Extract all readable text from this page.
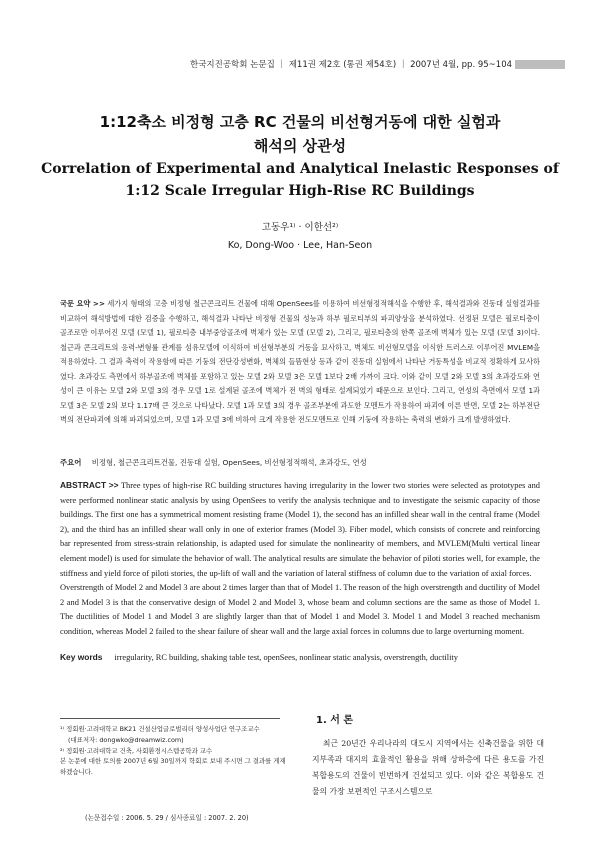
한국지진공학회 논문집 ｜ 제11권 제2호 (통권 제54호) ｜ 2007년 4월, pp. 95~104
1:12축소 비정형 고층 RC 건물의 비선형거동에 대한 실험과
해석의 상관성
Correlation of Experimental and Analytical Inelastic Responses of
1:12 Scale Irregular High-Rise RC Buildings
고동우¹⁾ · 이한선²⁾
Ko, Dong-Woo · Lee, Han-Seon
국문 요약 >> 세가지 형태의 고층 비정형 철근콘크리트 건물에 대해 OpenSees를 이용하여 비선형정적해석을 수행한 후, 해석결과와 진동대 실험결과를 비교하여 해석방법에 대한 검증을 수행하고, 해석결과 나타난 비정형 건물의 성능과 하부 필로티부의 파괴양상을 분석하였다. 선정된 모델은 필로티층이 골조로만 이루어진 모델 (모델 1), 필로티층 내부중앙골조에 벽체가 있는 모델 (모델 2), 그리고, 필로티층의 한쪽 골조에 벽체가 있는 모델 (모델 3)이다. 철근과 콘크리트의 응력-변형률 관계를 섬유모델에 이식하여 비선형부분의 거동을 묘사하고, 벽체도 비선형모델을 이식한 트러스로 이루어진 MVLEM을 적용하였다. 그 결과 축력이 작용함에 따른 기둥의 전단강성변화, 벽체의 들뜸현상 등과 같이 진동대 실험에서 나타난 거동특성을 비교적 정확하게 묘사하였다. 초과강도 측면에서 하부골조에 벽체를 포함하고 있는 모델 2와 모델 3은 모델 1보다 2배 가까이 크다. 이와 같이 모델 2와 모델 3의 초과강도와 연성이 큰 이유는 모델 2와 모델 3의 경우 모델 1로 설계된 골조에 벽체가 전 벽의 형태로 설계되었기 때문으로 보인다. 그리고, 연성의 측면에서 모델 1과 모델 3은 모델 2의 보다 1.17배 큰 것으로 나타났다. 모델 1과 모델 3의 경우 골조부분에 과도한 모멘트가 작용하여 파괴에 이른 반면, 모델 2는 하부전단벽의 전단파괴에 의해 파괴되었으며, 모델 1과 모델 3에 비하여 크게 작용한 전도모멘트로 인해 기둥에 작용하는 축력의 변화가 크게 발생하였다.
주요어 비정형, 철근콘크리트건물, 진동대 실험, OpenSees, 비선형정적해석, 초과강도, 연성
ABSTRACT >> Three types of high-rise RC building structures having irregularity in the lower two stories were selected as prototypes and were performed nonlinear static analysis by using OpenSees to verify the analysis technique and to investigate the seismic capacity of those buildings. The first one has a symmetrical moment resisting frame (Model 1), the second has an infilled shear wall in the central frame (Model 2), and the third has an infilled shear wall only in one of exterior frames (Model 3). Fiber model, which consists of concrete and reinforcing bar represented from stress-strain relationship, is adapted used for simulate the nonlinearity of members, and MVLEM(Multi vertical linear element model) is used for simulate the behavior of wall. The analytical results are simulate the behavior of piloti stories well, for example, the stiffness and yield force of piloti stories, the up-lift of wall and the variation of lateral stiffness of column due to the variation of axial forces.
Overstrength of Model 2 and Model 3 are about 2 times larger than that of Model 1. The reason of the high overstrength and ductility of Model 2 and Model 3 is that the conservative design of Model 2 and Model 3, whose beam and column sections are the same as those of Model 1. The ductilities of Model 1 and Model 3 are slightly larger than that of Model 1 and Model 3. Model 1 and Model 3 reached mechanism condition, whereas Model 2 failed to the shear failure of shear wall and the large axial forces in columns due to large overturning moment.
Key words irregularity, RC building, shaking table test, openSees, nonlinear static analysis, overstrength, ductility

¹⁾ 정회원·고려대학교 BK21 건설산업글로벌리더 양성사업단 연구조교수

(대표저자: dongwko@dreamwiz.com)

²⁾ 정회원·고려대학교 건축, 사회환경시스템공학과 교수

본 논문에 대한 토의를 2007년 6월 30일까지 학회로 보내 주시면 그 결과를 게재하겠습니다.

(논문접수일 : 2006. 5. 29 / 심사종료일 : 2007. 2. 20)
1. 서 론
최근 20년간 우리나라의 대도시 지역에서는 신축건물을 위한 대지부족과 대지의 효율적인 활용을 위해 상하층에 다른 용도를 가진 복합용도의 건물이 빈번하게 건설되고 있다. 이와 같은 복합용도 건물의 가장 보편적인 구조시스템으로
